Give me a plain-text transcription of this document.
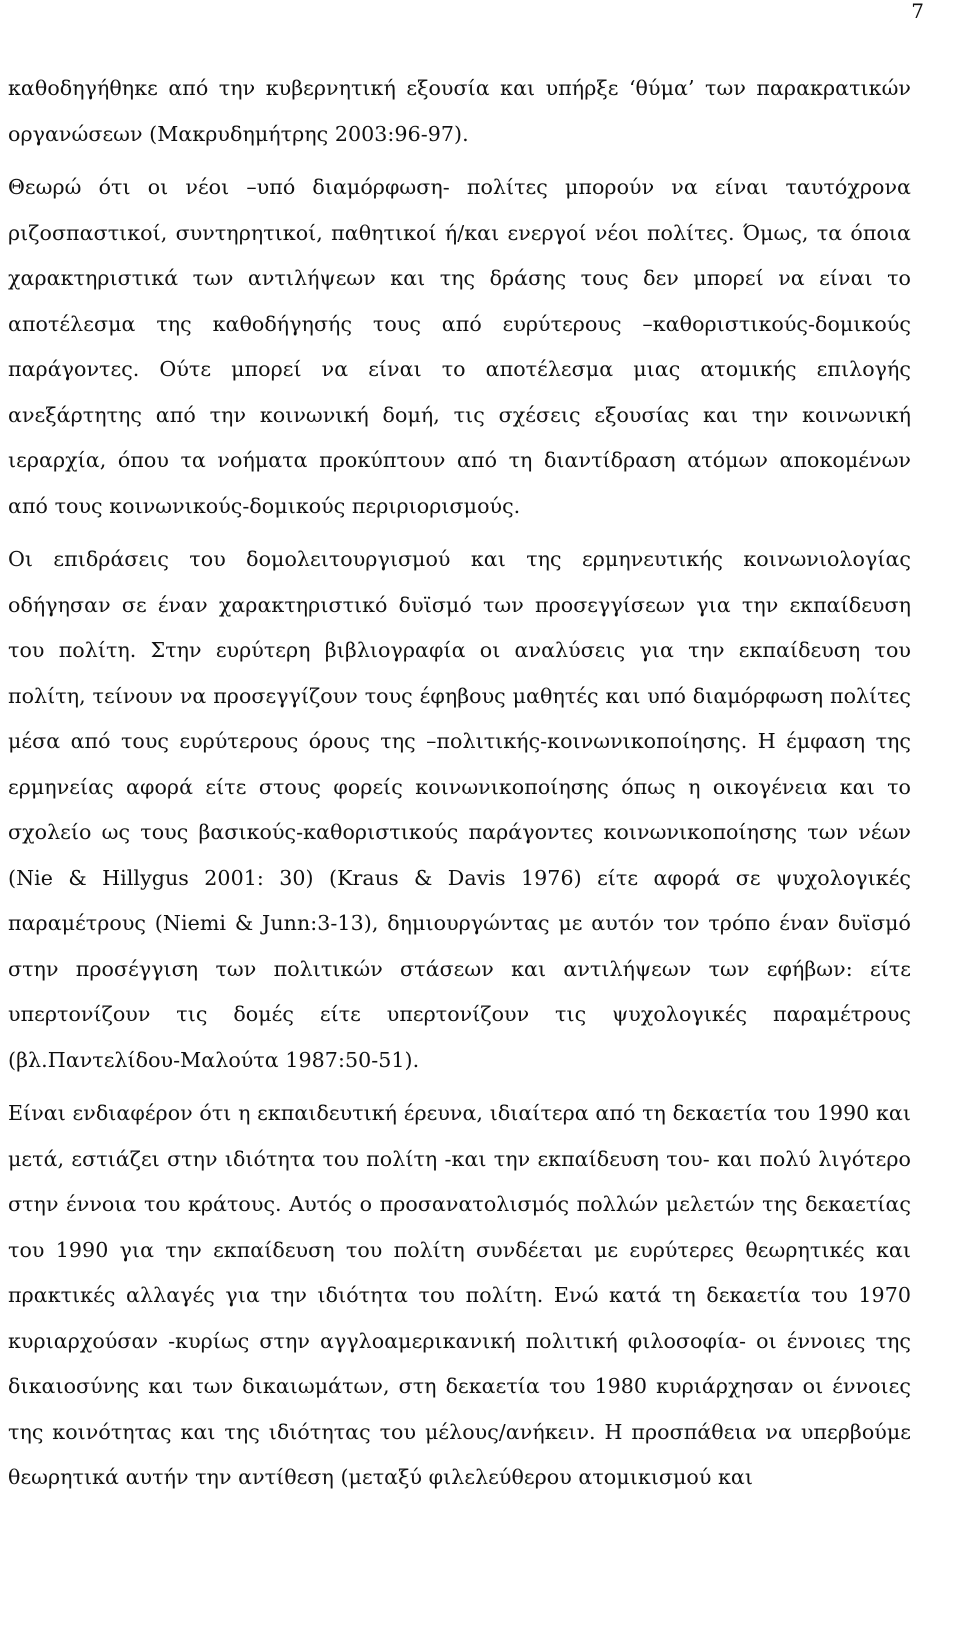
7

καθοδηγήθηκε από την κυβερνητική εξουσία και υπήρξε ‘θύμα’ των παρακρατικών οργανώσεων (Μακρυδημήτρης 2003:96-97).

Θεωρώ ότι οι νέοι –υπό διαμόρφωση- πολίτες μπορούν να είναι ταυτόχρονα ριζοσπαστικοί, συντηρητικοί, παθητικοί ή/και ενεργοί νέοι πολίτες. Όμως, τα όποια χαρακτηριστικά των αντιλήψεων και της δράσης τους δεν μπορεί να είναι το αποτέλεσμα της καθοδήγησής τους από ευρύτερους –καθοριστικούς-δομικούς παράγοντες. Ούτε μπορεί να είναι το αποτέλεσμα μιας ατομικής επιλογής ανεξάρτητης από την κοινωνική δομή, τις σχέσεις εξουσίας και την κοινωνική ιεραρχία, όπου τα νοήματα προκύπτουν από τη διαντίδραση ατόμων αποκομένων από τους κοινωνικούς-δομικούς περιριορισμούς.

Οι επιδράσεις του δομολειτουργισμού και της ερμηνευτικής κοινωνιολογίας οδήγησαν σε έναν χαρακτηριστικό δυϊσμό των προσεγγίσεων για την εκπαίδευση του πολίτη. Στην ευρύτερη βιβλιογραφία οι αναλύσεις για την εκπαίδευση του πολίτη, τείνουν να προσεγγίζουν τους έφηβους μαθητές και υπό διαμόρφωση πολίτες μέσα από τους ευρύτερους όρους της –πολιτικής-κοινωνικοποίησης. Η έμφαση της ερμηνείας αφορά είτε στους φορείς κοινωνικοποίησης όπως η οικογένεια και το σχολείο ως τους βασικούς-καθοριστικούς παράγοντες κοινωνικοποίησης των νέων (Nie & Hillygus 2001: 30) (Kraus & Davis 1976) είτε αφορά σε ψυχολογικές παραμέτρους (Niemi & Junn:3-13), δημιουργώντας με αυτόν τον τρόπο έναν δυϊσμό στην προσέγγιση των πολιτικών στάσεων και αντιλήψεων των εφήβων: είτε υπερτονίζουν τις δομές είτε υπερτονίζουν τις ψυχολογικές παραμέτρους (βλ.Παντελίδου-Μαλούτα 1987:50-51).

Είναι ενδιαφέρον ότι η εκπαιδευτική έρευνα, ιδιαίτερα από τη δεκαετία του 1990 και μετά, εστιάζει στην ιδιότητα του πολίτη -και την εκπαίδευση του- και πολύ λιγότερο στην έννοια του κράτους. Αυτός ο προσανατολισμός πολλών μελετών της δεκαετίας του 1990 για την εκπαίδευση του πολίτη συνδέεται με ευρύτερες θεωρητικές και πρακτικές αλλαγές για την ιδιότητα του πολίτη. Ενώ κατά τη δεκαετία του 1970 κυριαρχούσαν -κυρίως στην αγγλοαμερικανική πολιτική φιλοσοφία- οι έννοιες της δικαιοσύνης και των δικαιωμάτων, στη δεκαετία του 1980 κυριάρχησαν οι έννοιες της κοινότητας και της ιδιότητας του μέλους/ανήκειν. Η προσπάθεια να υπερβούμε θεωρητικά αυτήν την αντίθεση (μεταξύ φιλελεύθερου ατομικισμού και
